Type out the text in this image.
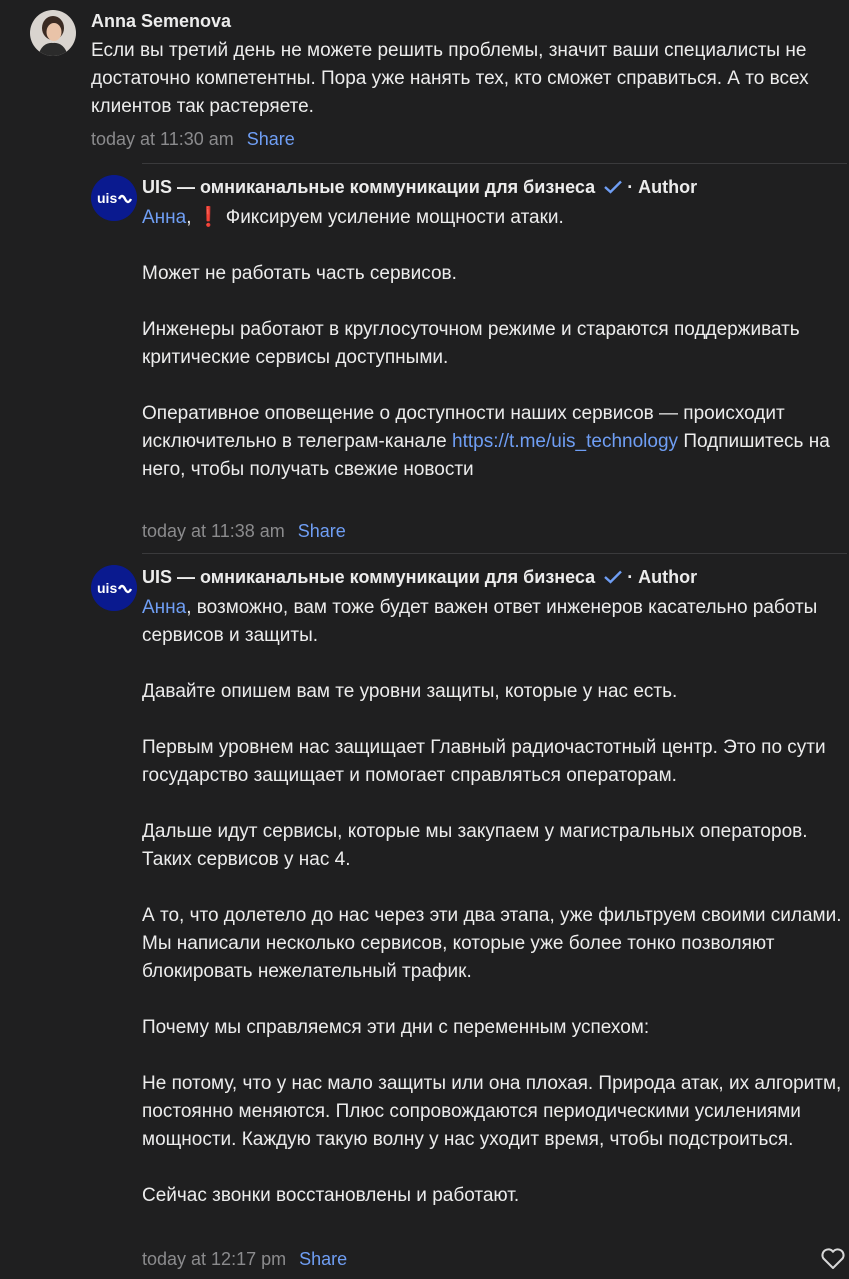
Anna Semenova
Если вы третий день не можете решить проблемы, значит ваши специалисты не достаточно компетентны. Пора уже нанять тех, кто сможет справиться. А то всех клиентов так растеряете.
today at 11:30 am Share
uis
UIS — омниканальные коммуникации для бизнеса · Author

Анна, ❗ Фиксируем усиление мощности атаки.

Может не работать часть сервисов.

Инженеры работают в круглосуточном режиме и стараются поддерживать критические сервисы доступными.

Оперативное оповещение о доступности наших сервисов — происходит исключительно в телеграм-канале https://t.me/uis_technology Подпишитесь на него, чтобы получать свежие новости

today at 11:38 am Share
uis
UIS — омниканальные коммуникации для бизнеса · Author

Анна, возможно, вам тоже будет важен ответ инженеров касательно работы сервисов и защиты.

Давайте опишем вам те уровни защиты, которые у нас есть.

Первым уровнем нас защищает Главный радиочастотный центр. Это по сути государство защищает и помогает справляться операторам.

Дальше идут сервисы, которые мы закупаем у магистральных операторов. Таких сервисов у нас 4.

А то, что долетело до нас через эти два этапа, уже фильтруем своими силами. Мы написали несколько сервисов, которые уже более тонко позволяют блокировать нежелательный трафик.

Почему мы справляемся эти дни с переменным успехом:

Не потому, что у нас мало защиты или она плохая. Природа атак, их алгоритм, постоянно меняются. Плюс сопровождаются периодическими усилениями мощности. Каждую такую волну у нас уходит время, чтобы подстроиться.

Сейчас звонки восстановлены и работают.

today at 12:17 pm Share
